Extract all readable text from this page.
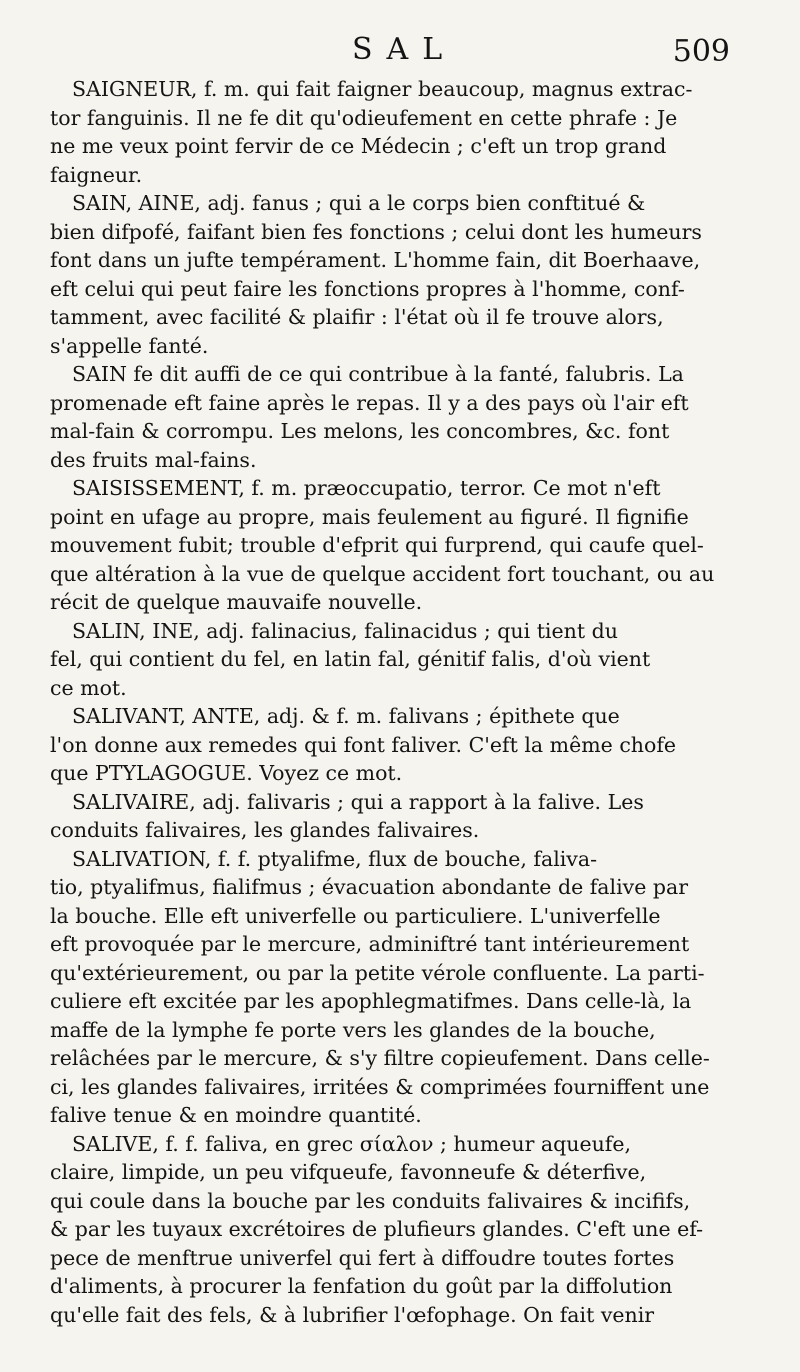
SAL	509
SAIGNEUR, f. m. qui fait faigner beaucoup, magnus extrac-
tor fanguinis. Il ne fe dit qu'odieufement en cette phrafe : Je
ne me veux point fervir de ce Médecin ; c'eft un trop grand
faigneur.
SAIN, AINE, adj. fanus ; qui a le corps bien conftitué &
bien difpofé, faifant bien fes fonctions ; celui dont les humeurs
font dans un jufte tempérament. L'homme fain, dit Boerhaave,
eft celui qui peut faire les fonctions propres à l'homme, conf-
tamment, avec facilité & plaifir : l'état où il fe trouve alors,
s'appelle fanté.
SAIN fe dit auffi de ce qui contribue à la fanté, falubris. La
promenade eft faine après le repas. Il y a des pays où l'air eft
mal-fain & corrompu. Les melons, les concombres, &c. font
des fruits mal-fains.
SAISISSEMENT, f. m. præoccupatio, terror. Ce mot n'eft
point en ufage au propre, mais feulement au figuré. Il fignifie
mouvement fubit; trouble d'efprit qui furprend, qui caufe quel-
que altération à la vue de quelque accident fort touchant, ou au
récit de quelque mauvaife nouvelle.
SALIN, INE, adj. falinacius, falinacidus ; qui tient du
fel, qui contient du fel, en latin fal, génitif falis, d'où vient
ce mot.
SALIVANT, ANTE, adj. & f. m. falivans ; épithete que
l'on donne aux remedes qui font faliver. C'eft la même chofe
que PTYLAGOGUE. Voyez ce mot.
SALIVAIRE, adj. falivaris ; qui a rapport à la falive. Les
conduits falivaires, les glandes falivaires.
SALIVATION, f. f. ptyalifme, flux de bouche, faliva-
tio, ptyalifmus, fialifmus ; évacuation abondante de falive par
la bouche. Elle eft univerfelle ou particuliere. L'univerfelle
eft provoquée par le mercure, adminiftré tant intérieurement
qu'extérieurement, ou par la petite vérole confluente. La parti-
culiere eft excitée par les apophlegmatifmes. Dans celle-là, la
maffe de la lymphe fe porte vers les glandes de la bouche,
relâchées par le mercure, & s'y filtre copieufement. Dans celle-
ci, les glandes falivaires, irritées & comprimées fourniffent une
falive tenue & en moindre quantité.
SALIVE, f. f. faliva, en grec σίαλον ; humeur aqueufe,
claire, limpide, un peu vifqueufe, favonneufe & déterfive,
qui coule dans la bouche par les conduits falivaires & incififs,
& par les tuyaux excrétoires de plufieurs glandes. C'eft une ef-
pece de menftrue univerfel qui fert à diffoudre toutes fortes
d'aliments, à procurer la fenfation du goût par la diffolution
qu'elle fait des fels, & à lubrifier l'œfophage. On fait venir
